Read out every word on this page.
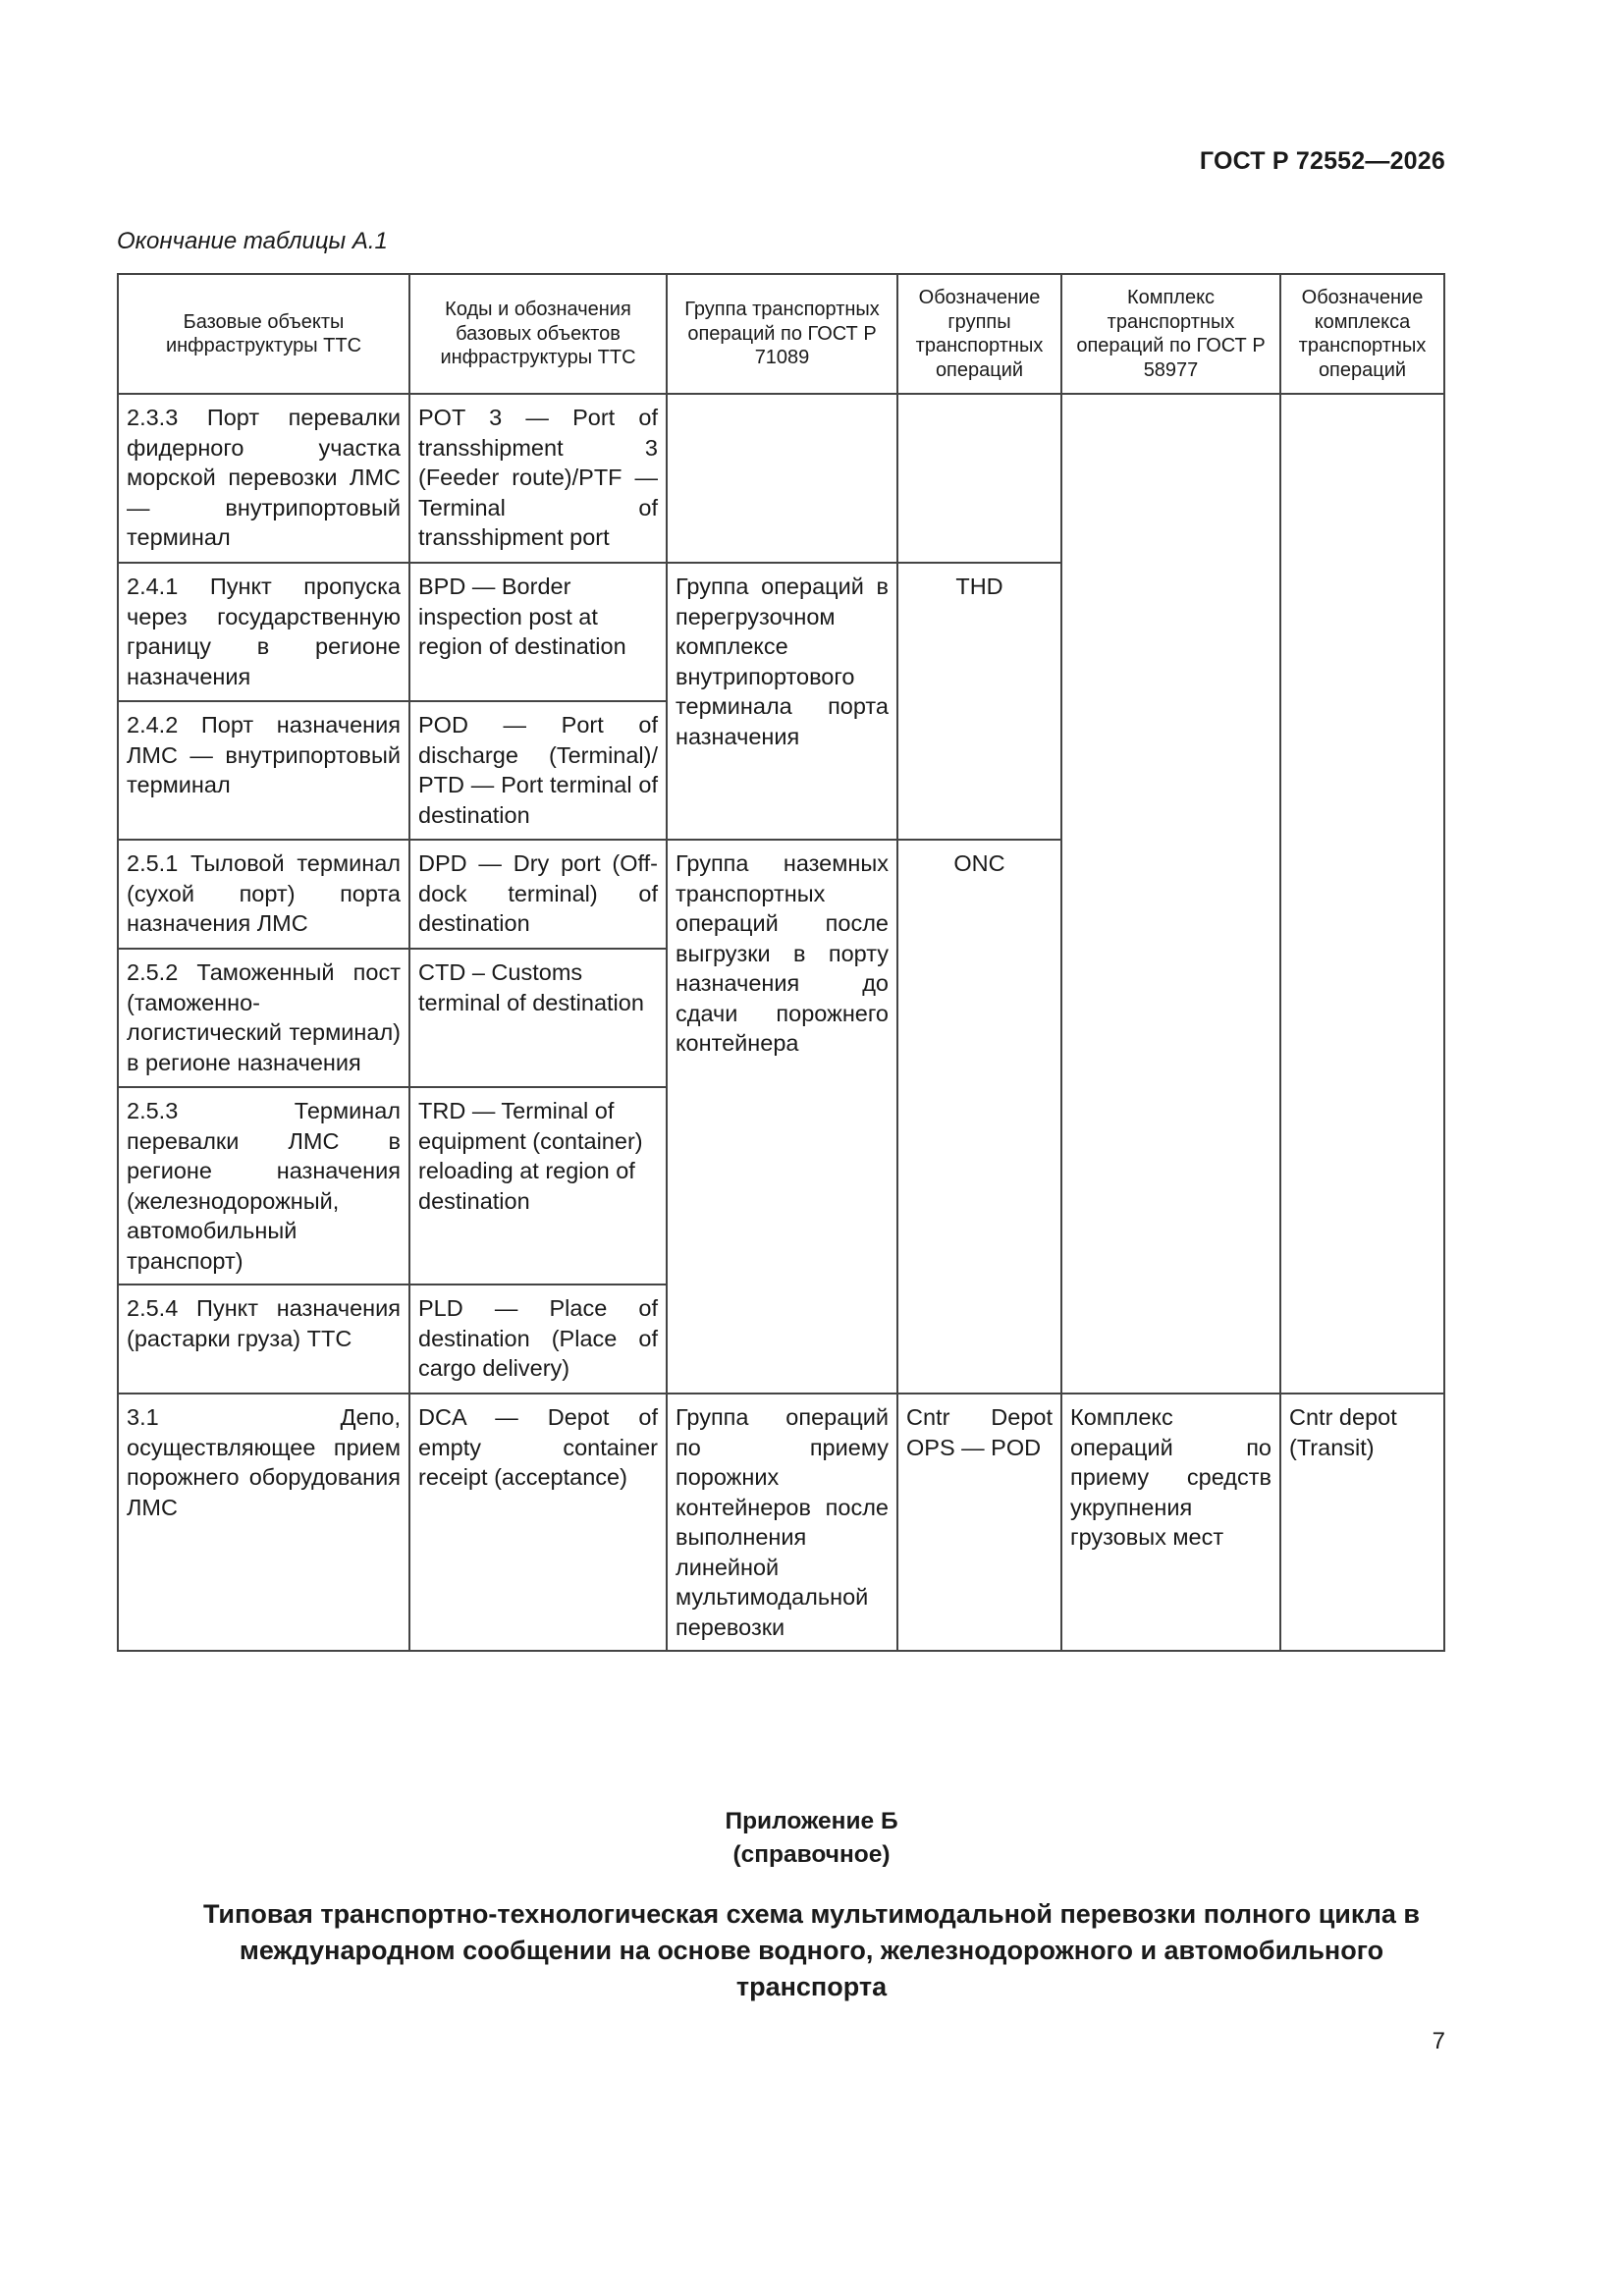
ГОСТ Р 72552—2026
Окончание таблицы А.1
Базовые объекты инфраструктуры ТТС	Коды и обозначения базовых объектов инфраструктуры ТТС	Группа транспортных операций по ГОСТ Р 71089	Обозначение группы транспортных операций	Комплекс транспортных операций по ГОСТ Р 58977	Обозначение комплекса транспортных операций
2.3.3 Порт перевалки фидерного участка морской перевозки ЛМС — внутрипортовый терминал	POT 3 — Port of transshipment 3 (Feeder route)/PTF — Terminal of transshipment port				
2.4.1 Пункт пропуска через государственную границу в регионе назначения	BPD — Border inspection post at region of destination	Группа операций в перегрузочном комплексе внутрипортового терминала порта назначения	THD		
2.4.2 Порт назначения ЛМС — внутрипортовый терминал	POD — Port of discharge (Terminal)/ PTD — Port terminal of destination				
2.5.1 Тыловой терминал (сухой порт) порта назначения ЛМС	DPD — Dry port (Off-dock terminal) of destination	Группа наземных транспортных операций после выгрузки в порту назначения до сдачи порожнего контейнера	ONC		
2.5.2 Таможенный пост (таможенно-логистический терминал) в регионе назначения	CTD – Customs terminal of destination				
2.5.3 Терминал перевалки ЛМС в регионе назначения (железнодорожный, автомобильный транспорт)	TRD — Terminal of equipment (container) reloading at region of destination				
2.5.4 Пункт назначения (растарки груза) ТТС	PLD — Place of destination (Place of cargo delivery)				
3.1 Депо, осуществляющее прием порожнего оборудования ЛМС	DCA — Depot of empty container receipt (acceptance)	Группа операций по приему порожних контейнеров после выполнения линейной мультимодальной перевозки	Cntr Depot OPS — POD	Комплекс операций по приему средств укрупнения грузовых мест	Cntr depot (Transit)
Приложение Б
(справочное)
Типовая транспортно-технологическая схема мультимодальной перевозки полного цикла в международном сообщении на основе водного, железнодорожного и автомобильного транспорта
7
